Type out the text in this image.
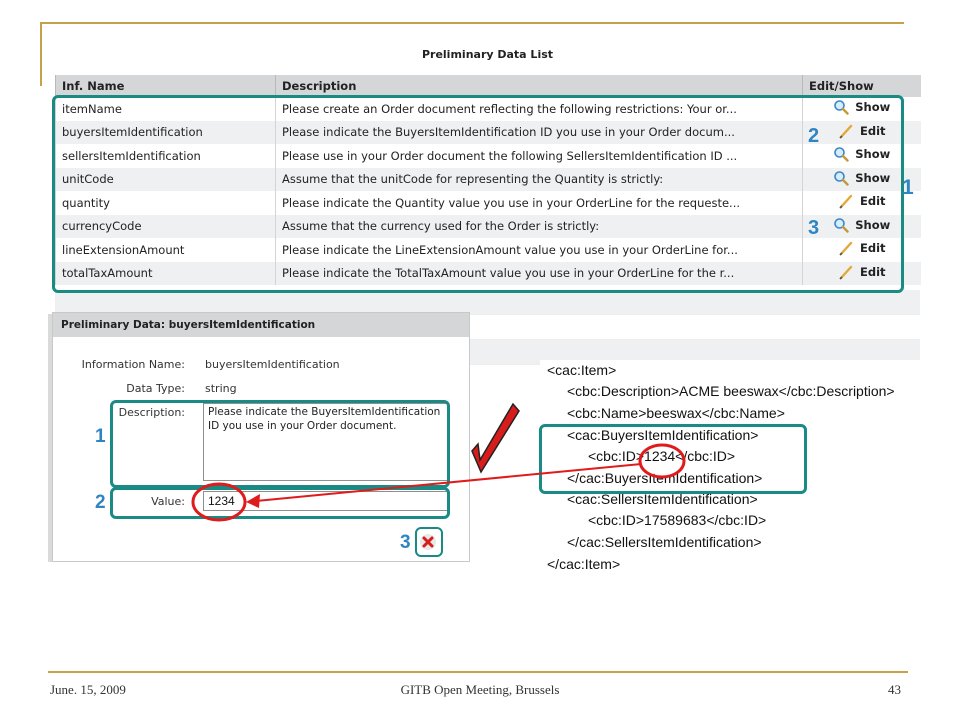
Preliminary Data List
Inf. Name	Description	Edit/Show
itemName	Please create an Order document reflecting the following restrictions: Your or...	Show

buyersItemIdentification	Please indicate the BuyersItemIdentification ID you use in your Order docum...	Edit

sellersItemIdentification	Please use in your Order document the following SellersItemIdentification ID ...	Show

unitCode	Assume that the unitCode for representing the Quantity is strictly:	Show

quantity	Please indicate the Quantity value you use in your OrderLine for the requeste...	Edit

currencyCode	Assume that the currency used for the Order is strictly:	Show

lineExtensionAmount	Please indicate the LineExtensionAmount value you use in your OrderLine for...	Edit

totalTaxAmount	Please indicate the TotalTaxAmount value you use in your OrderLine for the r...	Edit
1
2
3
Preliminary Data: buyersItemIdentification
Information Name: buyersItemIdentification
Data Type: string
Description:	Please indicate the BuyersItemIdentification ID you use in your Order document.
Value:
1234
1
2
3
<cac:Item>
<cbc:Description>ACME beeswax</cbc:Description>
<cbc:Name>beeswax</cbc:Name>
<cac:BuyersItemIdentification>
<cbc:ID>1234</cbc:ID>
</cac:BuyersItemIdentification>
<cac:SellersItemIdentification>
<cbc:ID>17589683</cbc:ID>
</cac:SellersItemIdentification>
</cac:Item>
June. 15, 2009	GITB Open Meeting, Brussels	43
